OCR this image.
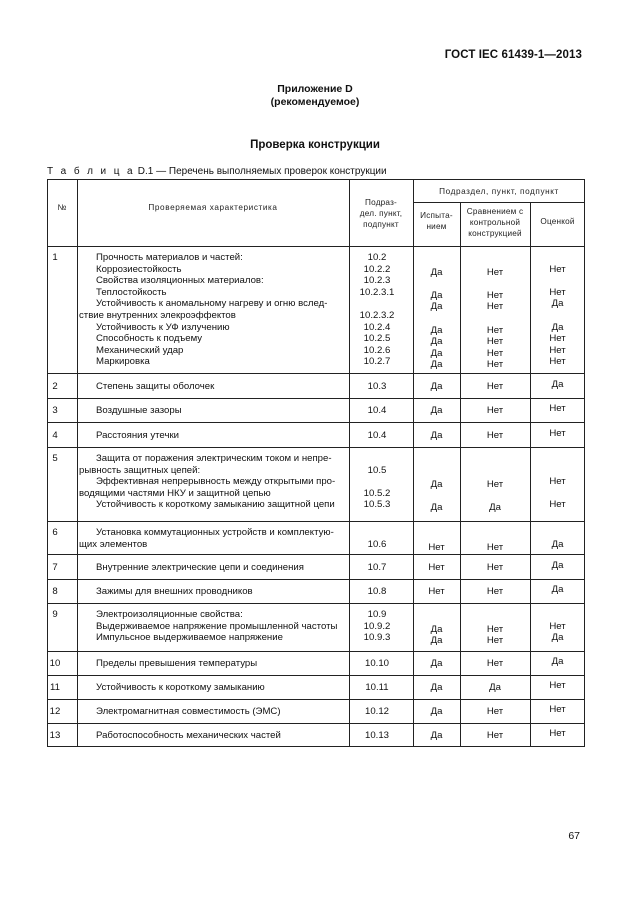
ГОСТ IEC 61439-1—2013
Приложение D
(рекомендуемое)
Проверка конструкции
Т а б л и ц а D.1 — Перечень выполняемых проверок конструкции
№	Проверяемая характеристика
Подраз-
дел. пункт,
подпункт
Подраздел, пункт, подпункт
Испыта-
нием
Сравнением с
контрольной
конструкцией
Оценкой
1	Прочность материалов и частей:	10.2
Коррозиестойкость	10.2.2	Да	Нет	Нет
Свойства изоляционных материалов:	10.2.3
Теплостойкость	10.2.3.1	Да	Нет	Нет
Устойчивость к аномальному нагреву и огню вслед-	Да	Нет	Да
ствие внутренних элекроэффектов	10.2.3.2
Устойчивость к УФ излучению	10.2.4	Да	Нет	Да
Способность к подъему	10.2.5	Да	Нет	Нет
Механический удар	10.2.6	Да	Нет	Нет
Маркировка	10.2.7	Да	Нет	Нет
2	Степень защиты оболочек	10.3	Да	Нет	Да
3	Воздушные зазоры	10.4	Да	Нет	Нет
4	Расстояния утечки	10.4	Да	Нет	Нет
5	Защита от поражения электрическим током и непре-
рывность защитных цепей:	10.5
Эффективная непрерывность между открытыми про-	Да	Нет	Нет
водящими частями НКУ и защитной цепью	10.5.2
Устойчивость к короткому замыканию защитной цепи	10.5.3	Да	Да	Нет
6	Установка коммутационных устройств и комплектую-
щих элементов	10.6	Нет	Нет	Да
7	Внутренние электрические цепи и соединения	10.7	Нет	Нет	Да
8	Зажимы для внешних проводников	10.8	Нет	Нет	Да
9	Электроизоляционные свойства:	10.9
Выдерживаемое напряжение промышленной частоты	10.9.2	Да	Нет	Нет
Импульсное выдерживаемое напряжение	10.9.3	Да	Нет	Да
10	Пределы превышения температуры	10.10	Да	Нет	Да
11	Устойчивость к короткому замыканию	10.11	Да	Да	Нет
12	Электромагнитная совместимость (ЭМС)	10.12	Да	Нет	Нет
13	Работоспособность механических частей	10.13	Да	Нет	Нет
67
